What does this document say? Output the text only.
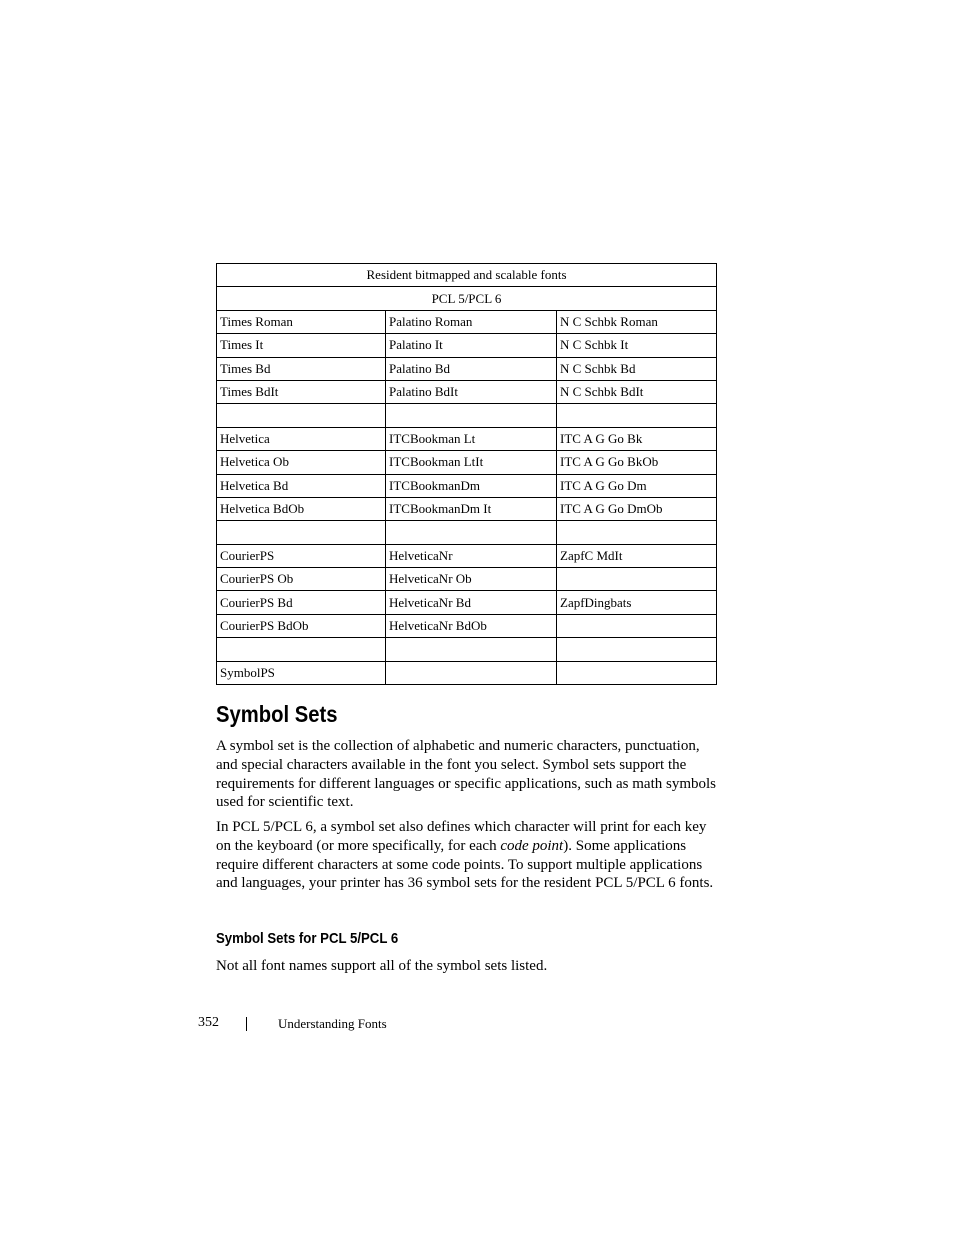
Resident bitmapped and scalable fonts		
PCL 5/PCL 6		
Times Roman	Palatino Roman	N C Schbk Roman
Times It	Palatino It	N C Schbk It
Times Bd	Palatino Bd	N C Schbk Bd
Times BdIt	Palatino BdIt	N C Schbk BdIt

Helvetica	ITCBookman Lt	ITC A G Go Bk
Helvetica Ob	ITCBookman LtIt	ITC A G Go BkOb
Helvetica Bd	ITCBookmanDm	ITC A G Go Dm
Helvetica BdOb	ITCBookmanDm It	ITC A G Go DmOb

CourierPS	HelveticaNr	ZapfC MdIt
CourierPS Ob	HelveticaNr Ob	
CourierPS Bd	HelveticaNr Bd	ZapfDingbats
CourierPS BdOb	HelveticaNr BdOb	

SymbolPS		
Symbol Sets

A symbol set is the collection of alphabetic and numeric characters, punctuation, and special characters available in the font you select. Symbol sets support the requirements for different languages or specific applications, such as math symbols used for scientific text.

In PCL 5/PCL 6, a symbol set also defines which character will print for each key on the keyboard (or more specifically, for each code point). Some applications require different characters at some code points. To support multiple applications and languages, your printer has 36 symbol sets for the resident PCL 5/PCL 6 fonts.

Symbol Sets for PCL 5/PCL 6

Not all font names support all of the symbol sets listed.

352	Understanding Fonts
